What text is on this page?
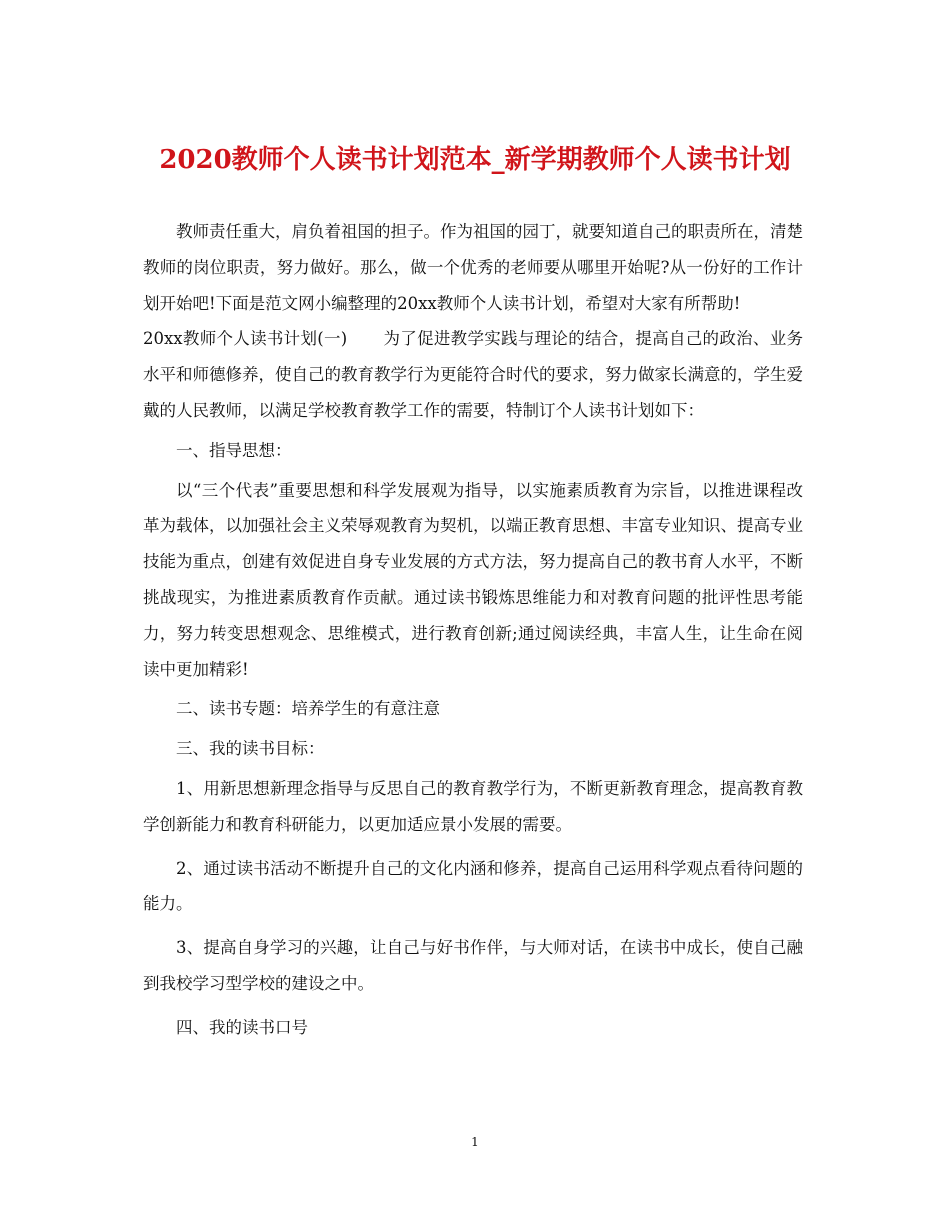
2020教师个人读书计划范本_新学期教师个人读书计划

教师责任重大，肩负着祖国的担子。作为祖国的园丁，就要知道自己的职责所在，清楚教师的岗位职责，努力做好。那么，做一个优秀的老师要从哪里开始呢?从一份好的工作计划开始吧!下面是范文网小编整理的20xx教师个人读书计划，希望对大家有所帮助!

20xx教师个人读书计划(一) 为了促进教学实践与理论的结合，提高自己的政治、业务水平和师德修养，使自己的教育教学行为更能符合时代的要求，努力做家长满意的，学生爱戴的人民教师，以满足学校教育教学工作的需要，特制订个人读书计划如下：

一、指导思想：

以“三个代表”重要思想和科学发展观为指导，以实施素质教育为宗旨，以推进课程改革为载体，以加强社会主义荣辱观教育为契机，以端正教育思想、丰富专业知识、提高专业技能为重点，创建有效促进自身专业发展的方式方法，努力提高自己的教书育人水平，不断挑战现实，为推进素质教育作贡献。通过读书锻炼思维能力和对教育问题的批评性思考能力，努力转变思想观念、思维模式，进行教育创新;通过阅读经典，丰富人生，让生命在阅读中更加精彩!

二、读书专题：培养学生的有意注意

三、我的读书目标：

1、用新思想新理念指导与反思自己的教育教学行为，不断更新教育理念，提高教育教学创新能力和教育科研能力，以更加适应景小发展的需要。

2、通过读书活动不断提升自己的文化内涵和修养，提高自己运用科学观点看待问题的能力。

3、提高自身学习的兴趣，让自己与好书作伴，与大师对话，在读书中成长，使自己融到我校学习型学校的建设之中。

四、我的读书口号

1
